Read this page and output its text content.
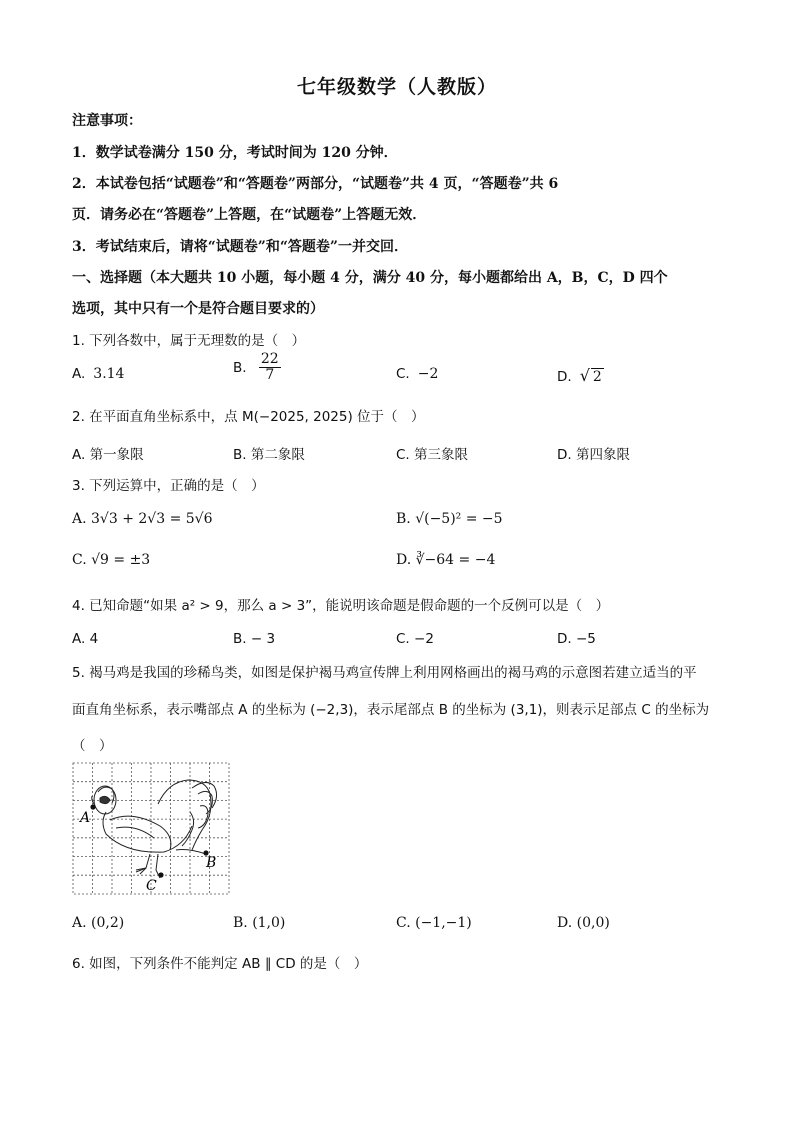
七年级数学（人教版）
注意事项：
1．数学试卷满分 150 分，考试时间为 120 分钟．
2．本试卷包括“试题卷”和“答题卷”两部分，“试题卷”共 4 页，“答题卷”共 6
页．请务必在“答题卷”上答题，在“试题卷”上答题无效．
3．考试结束后，请将“试题卷”和“答题卷”一并交回．
一、选择题（本大题共 10 小题，每小题 4 分，满分 40 分，每小题都给出 A，B，C，D 四个
选项，其中只有一个是符合题目要求的）
1. 下列各数中，属于无理数的是（　）
A. 3.14	B. $\frac{22}{7}$	C. −2	D. √ 2
2. 在平面直角坐标系中，点 M(−2025, 2025) 位于（　）
A. 第一象限	B. 第二象限	C. 第三象限	D. 第四象限
3. 下列运算中，正确的是（　）
A. 3√3 + 2√3 = 5√6	B. √(−5)² = −5
C. √9 = ±3	D. ∛−64 = −4
4. 已知命题“如果 a² > 9，那么 a > 3”，能说明该命题是假命题的一个反例可以是（　）
A. 4	B. − 3	C. −2	D. −5
5. 褐马鸡是我国的珍稀鸟类，如图是保护褐马鸡宣传牌上利用网格画出的褐马鸡的示意图若建立适当的平
面直角坐标系，表示嘴部点 A 的坐标为 (−2,3)，表示尾部点 B 的坐标为 (3,1)，则表示足部点 C 的坐标为
（　）
A
B
C
A. (0,2)	B. (1,0)	C. (−1,−1)	D. (0,0)
6. 如图，下列条件不能判定 AB ∥ CD 的是（　）
